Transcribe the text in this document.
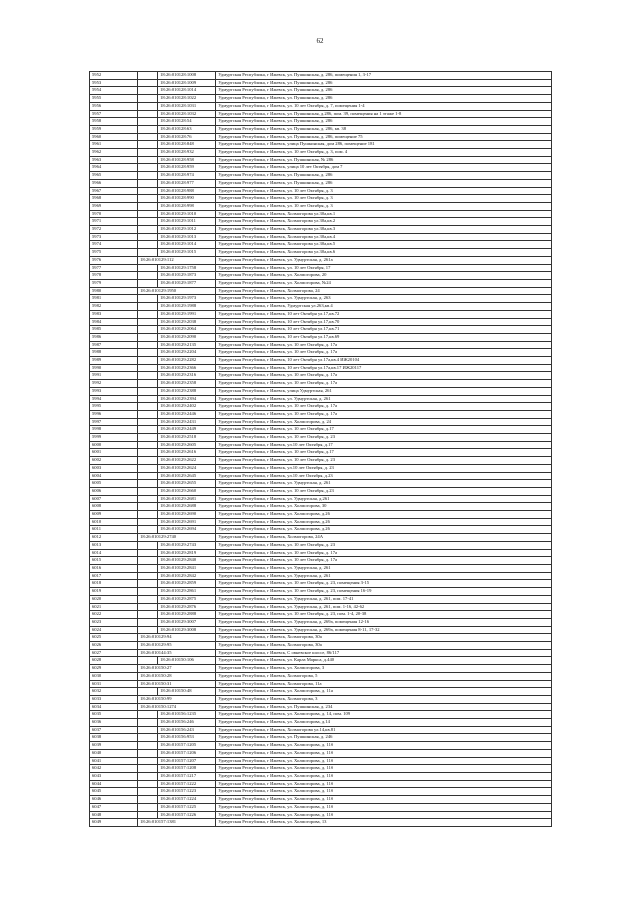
62
5952		18:26:010128:1008	Удмуртская Республика, г Ижевск, ул. Пушкинская, д. 286, помещения 1, 3-17
5953		18:26:010128:1009	Удмуртская Республика, г Ижевск, ул. Пушкинская, д. 286
5954		18:26:010128:1014	Удмуртская Республика, г Ижевск, ул. Пушкинская, д. 286
5955		18:26:010128:1022	Удмуртская Республика, г Ижевск, ул. Пушкинская, д. 286
5956		18:26:010128:1031	Удмуртская Республика, г Ижевск, ул. 10 лет Октября, д. 7, помещения 1-4
5957		18:26:010128:1032	Удмуртская Республика, г Ижевск, ул. Пушкинская, д.286, пом. 39, помещения на 1 этаже 1-8
5958		18:26:010128:54	Удмуртская Республика, г Ижевск, ул. Пушкинская, д. 286
5959		18:26:010128:63	Удмуртская Республика, г Ижевск, ул. Пушкинская, д. 286, кв. 38
5960		18:26:010128:76	Удмуртская Республика, г Ижевск, ул. Пушкинская, д. 286, помещение 75
5961		18:26:010128:848	Удмуртская Республика, г Ижевск, улица Пушкинская, дом 286, помещение 181
5962		18:26:010128:932	Удмуртская Республика, г Ижевск, ул. 10 лет Октября, д. 3, пом. 4
5963		18:26:010128:958	Удмуртская Республика, г Ижевск, ул. Пушкинская, № 286
5964		18:26:010128:959	Удмуртская Республика, г Ижевск, улица 10 лет Октября, дом 7
5965		18:26:010128:974	Удмуртская Республика, г Ижевск, ул. Пушкинская, д. 286
5966		18:26:010128:977	Удмуртская Республика, г Ижевск, ул. Пушкинская, д. 286
5967		18:26:010128:988	Удмуртская Республика, г Ижевск, ул. 10 лет Октября, д. 3
5968		18:26:010128:990	Удмуртская Республика, г Ижевск, ул. 10 лет Октября, д. 3
5969		18:26:010128:998	Удмуртская Республика, г Ижевск, ул. 10 лет Октября, д. 3
5970		18:26:010129:1010	Удмуртская Республика, г Ижевск, Холмогорова ул.30а,кв.1
5971		18:26:010129:1011	Удмуртская Республика, г Ижевск, Холмогорова ул.30а,кв.2
5972		18:26:010129:1012	Удмуртская Республика, г Ижевск, Холмогорова ул.30а,кв.3
5973		18:26:010129:1013	Удмуртская Республика, г Ижевск, Холмогорова ул.30а,кв.4
5974		18:26:010129:1014	Удмуртская Республика, г Ижевск, Холмогорова ул.30а,кв.5
5975		18:26:010129:1015	Удмуртская Республика, г Ижевск, Холмогорова ул.30а,кв.6
5976	18:26:010129:112		Удмуртская Республика, г Ижевск, ул. Удмуртская, д. 261а
5977		18:26:010129:1758	Удмуртская Республика, г Ижевск, ул. 10 лет Октября, 17
5978		18:26:010129:1873	Удмуртская Республика, г Ижевск, ул. Холмогорова, 20
5979		18:26:010129:1877	Удмуртская Республика, г Ижевск, ул. Холмогорова, №24
5980	18:26:010129:1950		Удмуртская Республика, г Ижевск, Холмогорова, 24
5981		18:26:010129:1973	Удмуртская Республика, г Ижевск, ул. Удмуртская, д. 263
5982		18:26:010129:1988	Удмуртская Республика, г Ижевск, Удмуртская ул.263,кв.4
5983		18:26:010129:1991	Удмуртская Республика, г Ижевск, 10 лет Октября ул.17,кв.72
5984		18:26:010129:2038	Удмуртская Республика, г Ижевск, 10 лет Октября ул.17,кв.70
5985		18:26:010129:2064	Удмуртская Республика, г Ижевск, 10 лет Октября ул.17,кв.71
5986		18:26:010129:2090	Удмуртская Республика, г Ижевск, 10 лет Октября ул.17,кв.69
5987		18:26:010129:2135	Удмуртская Республика, г Ижевск, ул. 10 лет Октября, д. 17а
5988		18:26:010129:2204	Удмуртская Республика, г Ижевск, ул. 10 лет Октября, д. 17а
5989		18:26:010129:2282	Удмуртская Республика, г Ижевск, 10 лет Октября ул.17а,кв.4 ИЖ20104
5990		18:26:010129:2366	Удмуртская Республика, г Ижевск, 10 лет Октября ул.17а,кв.17 ИЖ20117
5991		18:26:010129:2316	Удмуртская Республика, г Ижевск, ул. 10 лет Октября, д. 17а
5992		18:26:010129:2358	Удмуртская Республика, г Ижевск, ул. 10 лет Октября, д. 17а
5993		18:26:010129:2388	Удмуртская Республика, г Ижевск, улица Удмуртская, 261
5994		18:26:010129:2394	Удмуртская Республика, г Ижевск, ул. Удмуртская, д. 261
5995		18:26:010129:2402	Удмуртская Республика, г Ижевск, ул. 10 лет Октября, д. 17а
5996		18:26:010129:2446	Удмуртская Республика, г Ижевск, ул. 10 лет Октября, д. 17а
5997		18:26:010129:2431	Удмуртская Республика, г Ижевск, ул. Холмогорова, д. 24
5998		18:26:010129:2449	Удмуртская Республика, г Ижевск, ул. 10 лет Октября, д.17
5999		18:26:010129:2518	Удмуртская Республика, г Ижевск, ул. 10 лет Октября, д. 23
6000		18:26:010129:2605	Удмуртская Республика, г Ижевск, ул.10 лет Октября, д.17
6001		18:26:010129:2616	Удмуртская Республика, г Ижевск, ул. 10 лет Октября, д.17
6002		18:26:010129:2622	Удмуртская Республика, г Ижевск, ул. 10 лет Октября, д. 23
6003		18:26:010129:2624	Удмуртская Республика, г Ижевск, ул.10 лет Октября, д. 23
6004		18:26:010129:2645	Удмуртская Республика, г Ижевск, ул.10 лет Октября, д.23
6005		18:26:010129:2655	Удмуртская Республика, г Ижевск, ул. Удмуртская, д. 261
6006		18:26:010129:2660	Удмуртская Республика, г Ижевск, ул. 10 лет Октября, д.23
6007		18:26:010129:2681	Удмуртская Республика, г Ижевск, ул. Удмуртская, д.261
6008		18:26:010129:2688	Удмуртская Республика, г Ижевск, ул. Холмогорова, 30
6009		18:26:010129:2690	Удмуртская Республика, г Ижевск, ул. Холмогорова, д.26
6010		18:26:010129:2691	Удмуртская Республика, г Ижевск, ул. Холмогорова, д.26
6011		18:26:010129:2694	Удмуртская Республика, г Ижевск, ул. Холмогорова, д.26
6012	18:26:010129:2740		Удмуртская Республика, г Ижевск, Холмогорова, 24А
6013		18:26:010129:2743	Удмуртская Республика, г Ижевск, ул. 10 лет Октября, д. 23
6014		18:26:010129:2819	Удмуртская Республика, г Ижевск, ул. 10 лет Октября, д. 17а
6015		18:26:010129:2840	Удмуртская Республика, г Ижевск, ул. 10 лет Октября, д. 17а
6016		18:26:010129:2841	Удмуртская Республика, г Ижевск, ул. Удмуртская, д. 261
6017		18:26:010129:2842	Удмуртская Республика, г Ижевск, ул. Удмуртская, д. 261
6018		18:26:010129:2859	Удмуртская Республика, г Ижевск, ул. 10 лет Октября, д. 23, помещения 3-15
6019		18:26:010129:2861	Удмуртская Республика, г Ижевск, ул. 10 лет Октября, д. 23, помещения 16-19
6020		18:26:010129:2875	Удмуртская Республика, г Ижевск, ул. Удмуртская, д. 261, пом. 17-41
6021		18:26:010129:2876	Удмуртская Республика, г Ижевск, ул. Удмуртская, д. 261, пом. 1-16, 42-62
6022		18:26:010129:2888	Удмуртская Республика, г Ижевск, ул. 10 лет Октября, д. 23, пом. 1-4, 20-38
6023		18:26:010129:3007	Удмуртская Республика, г Ижевск, ул. Удмуртская, д. 269а, помещения 12-16
6024		18:26:010129:3008	Удмуртская Республика, г Ижевск, ул. Удмуртская, д. 269а, помещения 8-11, 17-32
6025	18:26:010129:94		Удмуртская Республика, г Ижевск, Холмогорова, 30а
6026	18:26:010129:95		Удмуртская Республика, г Ижевск, Холмогорова, 30а
6027	18:26:010144:35		Удмуртская Республика, г Ижевск, С овневское шоссе, 86/117
6028		18:26:010150:106	Удмуртская Республика, г Ижевск, ул. Карла Маркса, д.440
6029	18:26:010150:27		Удмуртская Республика, г Ижевск, ул. Холмогорова, 3
6030	18:26:010150:28		Удмуртская Республика, г Ижевск, Холмогорова, 5
6031	18:26:010150:31		Удмуртская Республика, г Ижевск, Холмогорова, 11а
6032		18:26:010150:48	Удмуртская Республика, г Ижевск, ул. Холмогорова, д. 11а
6033	18:26:010150:99		Удмуртская Республика, г Ижевск, Холмогорова, 3
6034	18:26:010150:1274		Удмуртская Республика, г Ижевск, ул. Пушкинская, д. 234
6035		18:26:010156:1235	Удмуртская Республика, г Ижевск, ул. Холмогорова, д. 14, пом. 109
6036		18:26:010156:246	Удмуртская Республика, г Ижевск, ул. Холмогорова, д.14
6037		18:26:010156:243	Удмуртская Республика, г Ижевск, Холмогорова ул.14,кв.81
6038		18:26:010156:953	Удмуртская Республика, г Ижевск, ул. Пушкинская, д. 246
6039		18:26:010157:1205	Удмуртская Республика, г Ижевск, ул. Холмогорова, д. 11б
6040		18:26:010157:1206	Удмуртская Республика, г Ижевск, ул. Холмогорова, д. 11б
6041		18:26:010157:1207	Удмуртская Республика, г Ижевск, ул. Холмогорова, д. 11б
6042		18:26:010157:1208	Удмуртская Республика, г Ижевск, ул. Холмогорова, д. 11б
6043		18:26:010157:1217	Удмуртская Республика, г Ижевск, ул. Холмогорова, д. 11б
6044		18:26:010157:1222	Удмуртская Республика, г Ижевск, ул. Холмогорова, д. 11б
6045		18:26:010157:1223	Удмуртская Республика, г Ижевск, ул. Холмогорова, д. 11б
6046		18:26:010157:1224	Удмуртская Республика, г Ижевск, ул. Холмогорова, д. 11б
6047		18:26:010157:1225	Удмуртская Республика, г Ижевск, ул. Холмогорова, д. 11б
6048		18:26:010157:1226	Удмуртская Республика, г Ижевск, ул. Холмогорова, д. 11б
6049	18:26:010157:1381		Удмуртская Республика, г Ижевск, ул. Холмогорова, 13
